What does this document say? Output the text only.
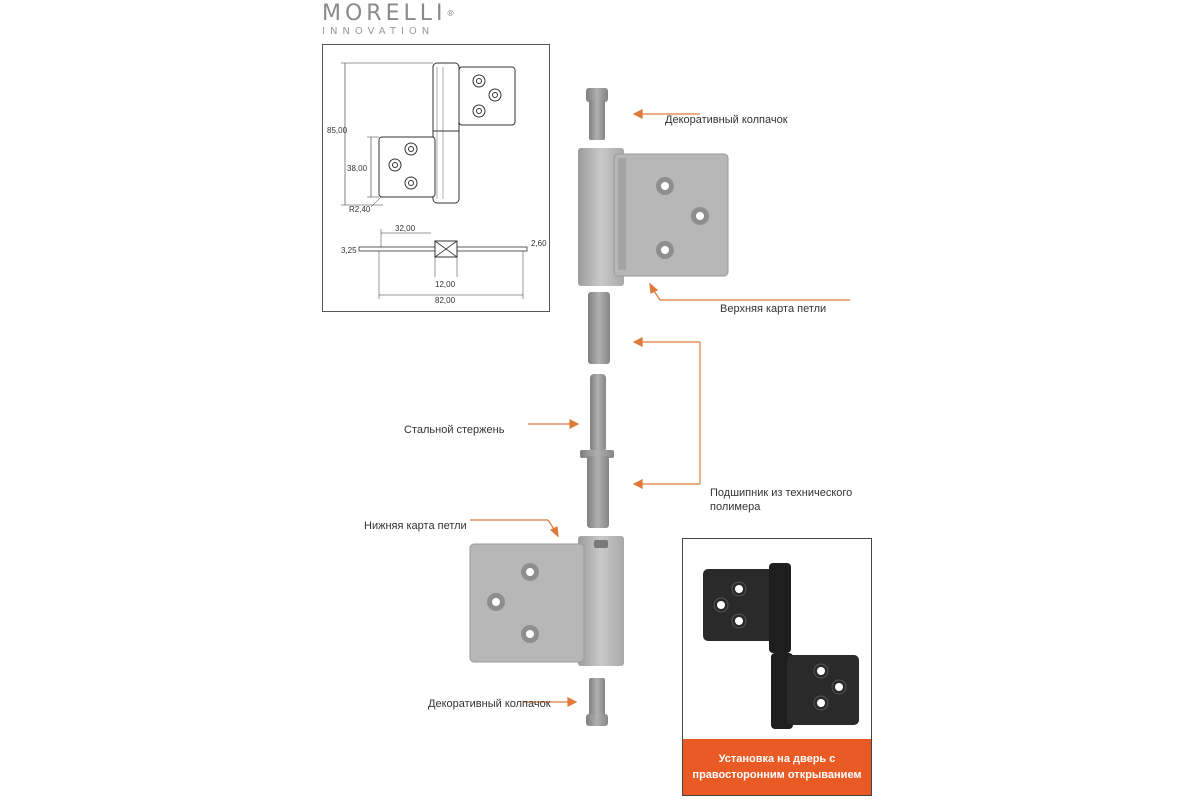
MORELLI®
INNOVATION
85,00
38,00
R2,40
32,00
3,25
2,60
12,00
82,00
Декоративный колпачок
Верхняя карта петли
Стальной стержень
Подшипник из технического
полимера
Нижняя карта петли
Декоративный колпачок
Установка на дверь с
правосторонним открыванием
